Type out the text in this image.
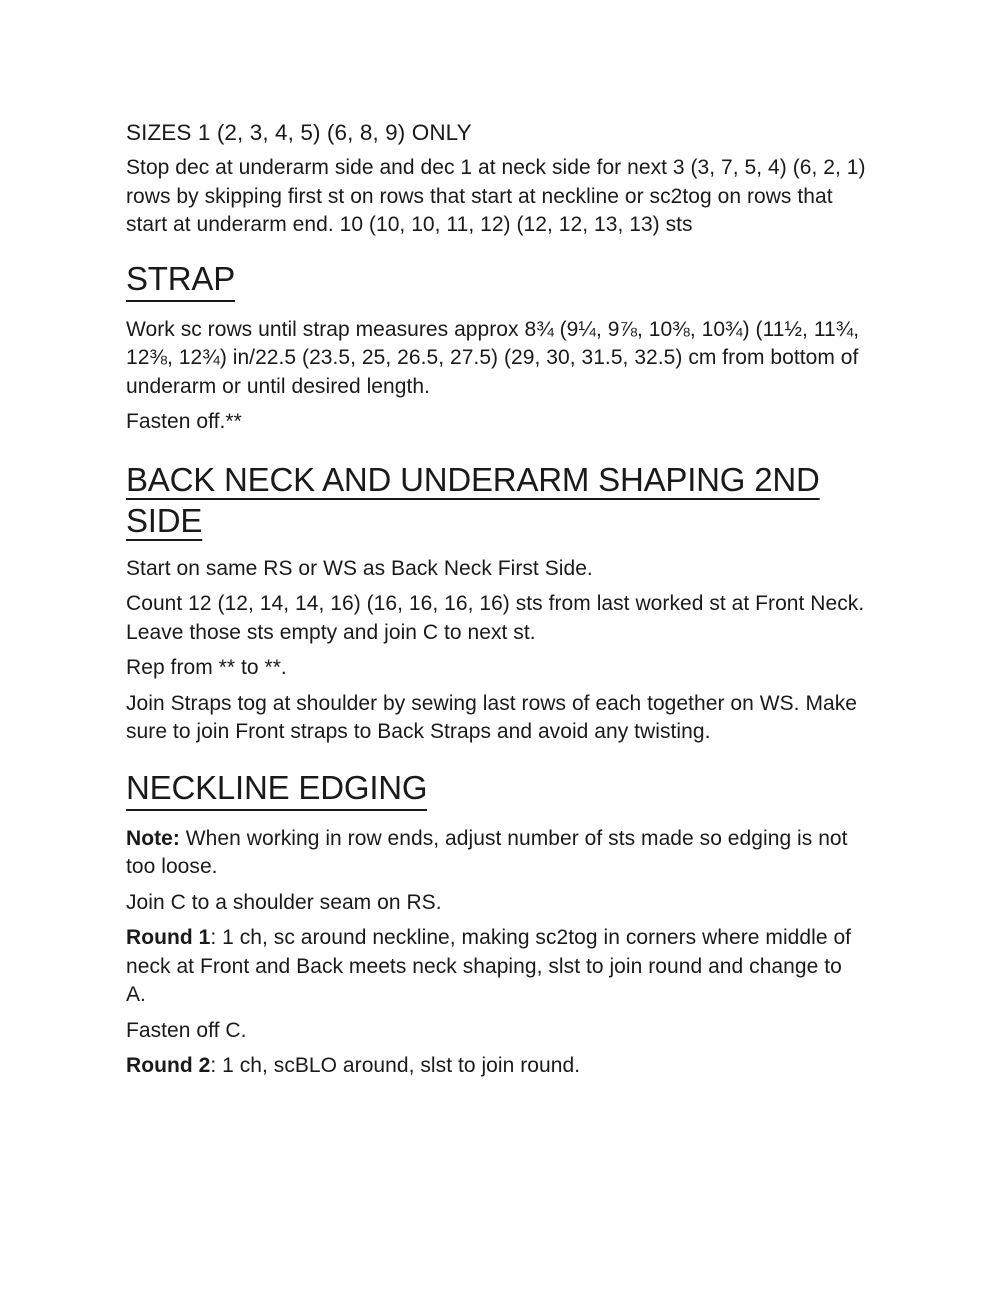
SIZES 1 (2, 3, 4, 5) (6, 8, 9) ONLY

Stop dec at underarm side and dec 1 at neck side for next 3 (3, 7, 5, 4) (6, 2, 1) rows by skipping first st on rows that start at neckline or sc2tog on rows that start at underarm end. 10 (10, 10, 11, 12) (12, 12, 13, 13) sts

STRAP

Work sc rows until strap measures approx 8¾ (9¼, 9⅞, 10⅜, 10¾) (11½, 11¾, 12⅜, 12¾) in/22.5 (23.5, 25, 26.5, 27.5) (29, 30, 31.5, 32.5) cm from bottom of underarm or until desired length.

Fasten off.**

BACK NECK AND UNDERARM SHAPING 2ND SIDE

Start on same RS or WS as Back Neck First Side.

Count 12 (12, 14, 14, 16) (16, 16, 16, 16) sts from last worked st at Front Neck. Leave those sts empty and join C to next st.

Rep from ** to **.

Join Straps tog at shoulder by sewing last rows of each together on WS. Make sure to join Front straps to Back Straps and avoid any twisting.

NECKLINE EDGING

Note: When working in row ends, adjust number of sts made so edging is not too loose.

Join C to a shoulder seam on RS.

Round 1: 1 ch, sc around neckline, making sc2tog in corners where middle of neck at Front and Back meets neck shaping, slst to join round and change to A.

Fasten off C.

Round 2: 1 ch, scBLO around, slst to join round.
